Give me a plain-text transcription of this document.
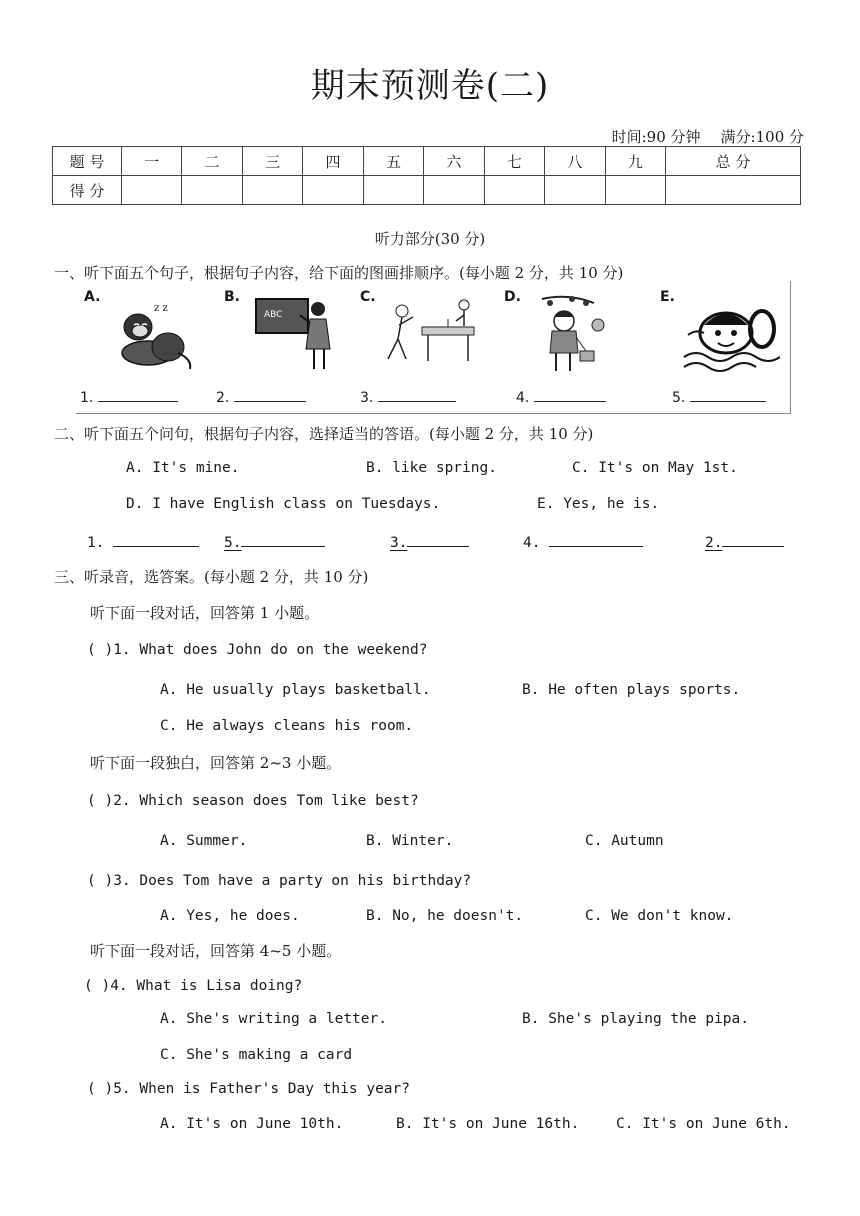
期末预测卷(二)
时间:90 分钟 满分:100 分
题 号	一	二	三	四	五	六	七	八	九	总 分
得 分										
听力部分(30 分)
一、听下面五个句子，根据句子内容，给下面的图画排顺序。(每小题 2 分，共 10 分)
A.
z z
1.
B.
ABC
2.
C.
3.
D.
4.
E.
5.
二、听下面五个问句，根据句子内容，选择适当的答语。(每小题 2 分，共 10 分)
A. It's mine.	B. like spring.	C. It's on May 1st.
D. I have English class on Tuesdays.	E. Yes, he is.
1.	5.	3.	4.	2.
三、听录音，选答案。(每小题 2 分，共 10 分)
听下面一段对话，回答第 1 小题。
( )1. What does John do on the weekend?
A. He usually plays basketball.	B. He often plays sports.
C. He always cleans his room.
听下面一段独白，回答第 2~3 小题。
( )2. Which season does Tom like best?
A. Summer.	B. Winter.	C. Autumn
( )3. Does Tom have a party on his birthday?
A. Yes, he does.	B. No, he doesn't.	C. We don't know.
听下面一段对话，回答第 4~5 小题。
( )4. What is Lisa doing?
A. She's writing a letter.	B. She's playing the pipa.
C. She's making a card
( )5. When is Father's Day this year?
A. It's on June 10th.	B. It's on June 16th.	C. It's on June 6th.
